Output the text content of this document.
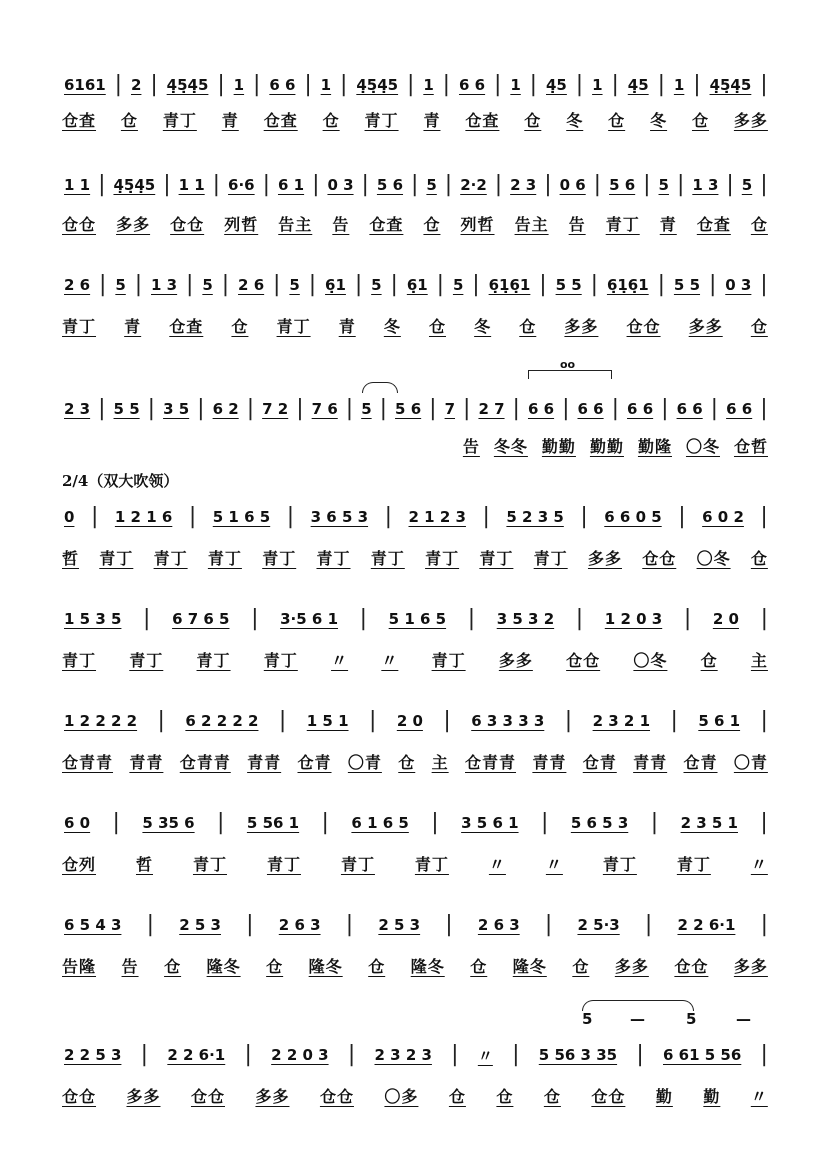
6161 | 2 | 4̣5̣4̣5 | 1 | 6 6 | 1 | 4̣5̣4̣5 | 1 | 6 6 | 1 | 4̣5 | 1 | 4̣5 | 1 | 4̣5̣4̣5 |
仓査 仓 青丁 青 仓査 仓 青丁 青 仓査 仓 冬 仓 冬 仓 多多
1 1 | 4̣5̣4̣5 | 1 1 | 6·6 | 6 1 | 0 3 | 5 6 | 5 | 2·2 | 2 3 | 0 6 | 5 6 | 5 | 1 3 | 5 |
仓仓 多多 仓仓 列哲 告主 告 仓査 仓 列哲 告主 告 青丁 青 仓査 仓
2 6 | 5 | 1 3 | 5 | 2 6 | 5 | 6̣1 | 5 | 6̣1 | 5 | 6̣1̣6̣1 | 5 5 | 6̣1̣6̣1 | 5 5 | 0 3 |
青丁 青 仓査 仓 青丁 青 冬 仓 冬 仓 多多 仓仓 多多 仓
oo
2 3 | 5 5 | 3 5 | 6 2 | 7 2 | 7 6 | 5 | 5 6 | 7 | 2 7 | 6 6 | 6 6 | 6 6 | 6 6 | 6 6 |
告 冬冬 勤勤 勤勤 勤隆 〇冬 仓哲
2/4（双大吹领）
0 | 1 2 1 6 | 5 1 6 5 | 3 6 5 3 | 2 1 2 3 | 5 2 3 5 | 6 6 0 5 | 6 0 2 |
哲 青丁 青丁 青丁 青丁 青丁 青丁 青丁 青丁 青丁 多多 仓仓 〇冬 仓
1 5 3 5 | 6 7 6 5 | 3·5 6 1 | 5 1 6 5 | 3 5 3 2 | 1 2 0 3 | 2 0 |
青丁 青丁 青丁 青丁 〃 〃 青丁 多多 仓仓 〇冬 仓 主
1 2 2 2 2 | 6 2 2 2 2 | 1 5 1 | 2 0 | 6 3 3 3 3 | 2 3 2 1 | 5 6 1 |
仓青青 青青 仓青青 青青 仓青 〇青 仓 主 仓青青 青青 仓青 青青 仓青 〇青
6 0 | 5 35 6 | 5 56 1 | 6 1 6 5 | 3 5 6 1 | 5 6 5 3 | 2 3 5 1 |
仓列 哲 青丁 青丁 青丁 青丁 〃 〃 青丁 青丁 〃
6 5 4 3 | 2 5 3 | 2 6 3 | 2 5 3 | 2 6 3 | 2 5·3 | 2 2 6·1 |
告隆 告 仓 隆冬 仓 隆冬 仓 隆冬 仓 隆冬 仓 多多 仓仓 多多
5	—	5	—
2 2 5 3 | 2 2 6·1 | 2 2 0 3 | 2 3 2 3 | 〃 | 5 56 3 35 | 6 61 5 56 |
仓仓 多多 仓仓 多多 仓仓 〇多 仓 仓 仓 仓仓 勤 勤 〃
